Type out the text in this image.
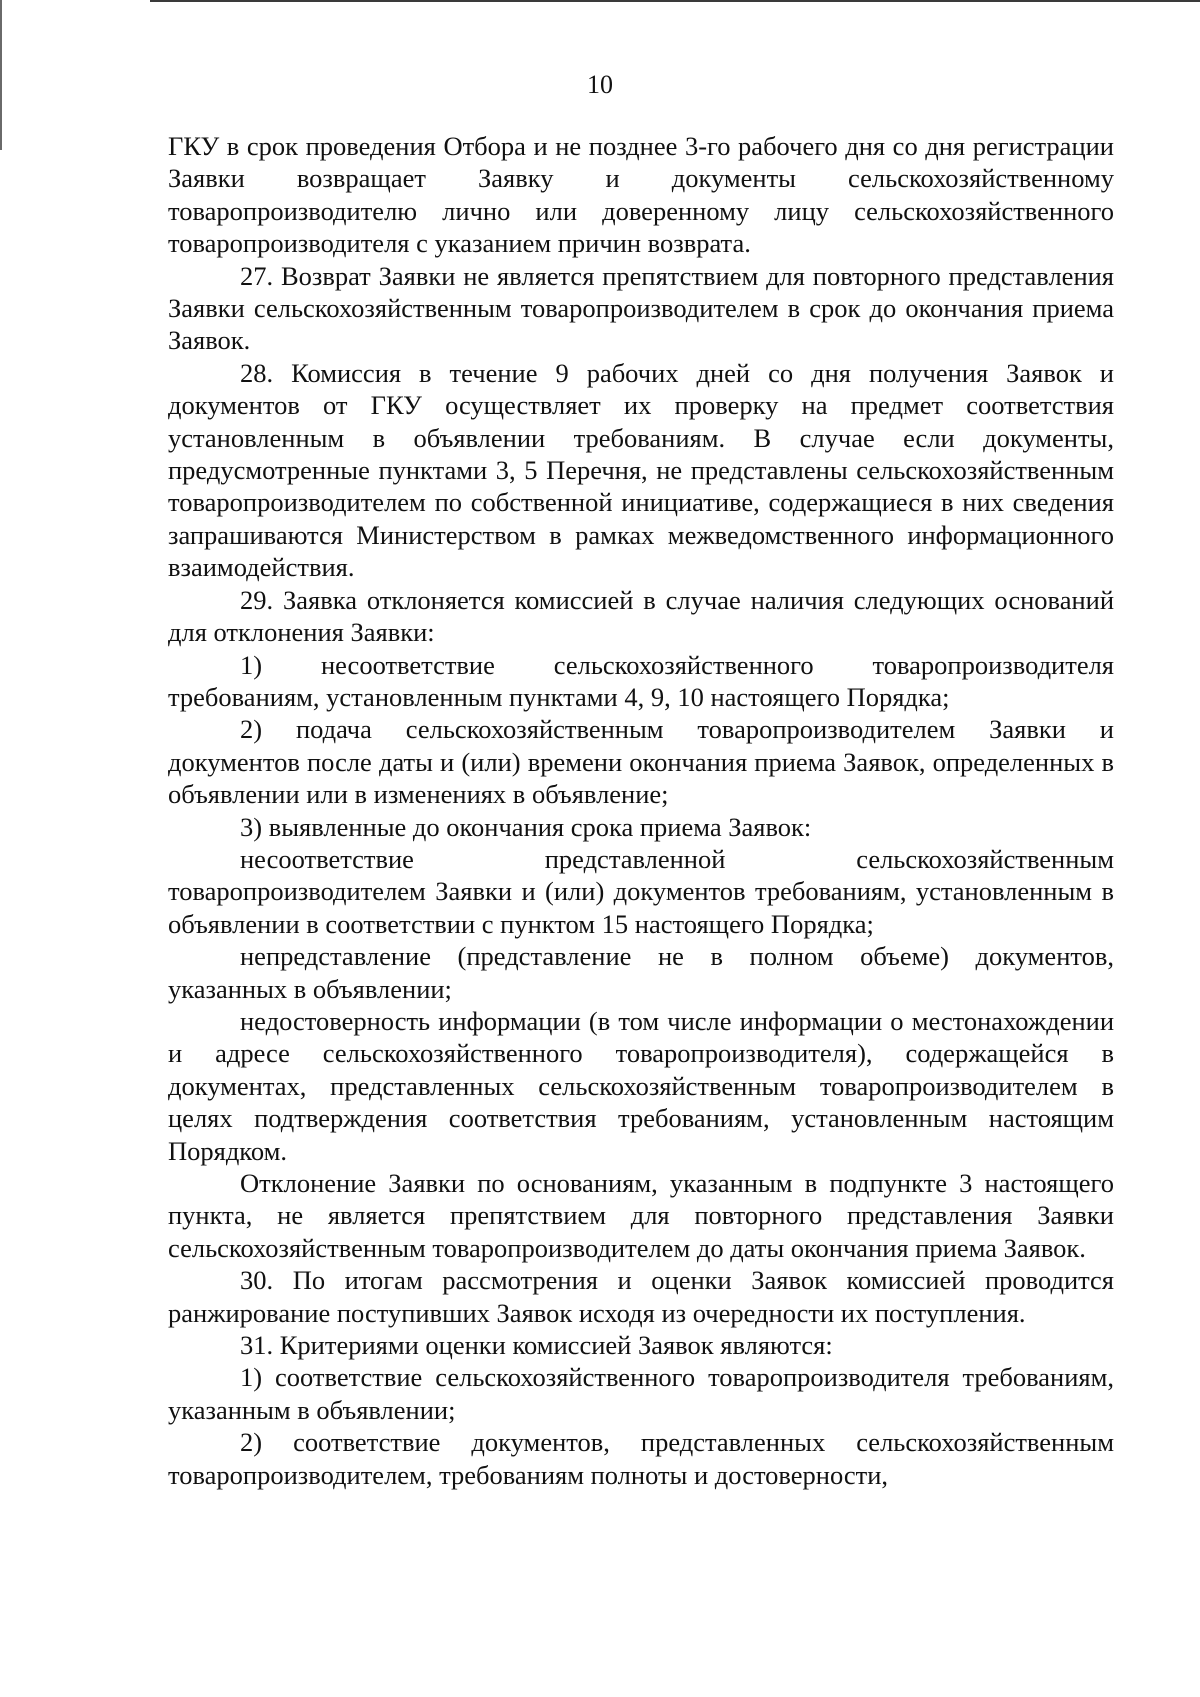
10

ГКУ в срок проведения Отбора и не позднее 3-го рабочего дня со дня регистрации Заявки возвращает Заявку и документы сельскохозяйственному товаропроизводителю лично или доверенному лицу сельскохозяйственного товаропроизводителя с указанием причин возврата.

27. Возврат Заявки не является препятствием для повторного представления Заявки сельскохозяйственным товаропроизводителем в срок до окончания приема Заявок.

28. Комиссия в течение 9 рабочих дней со дня получения Заявок и документов от ГКУ осуществляет их проверку на предмет соответствия установленным в объявлении требованиям. В случае если документы, предусмотренные пунктами 3, 5 Перечня, не представлены сельскохозяйственным товаропроизводителем по собственной инициативе, содержащиеся в них сведения запрашиваются Министерством в рамках межведомственного информационного взаимодействия.

29. Заявка отклоняется комиссией в случае наличия следующих оснований для отклонения Заявки:

1) несоответствие сельскохозяйственного товаропроизводителя требованиям, установленным пунктами 4, 9, 10 настоящего Порядка;

2) подача сельскохозяйственным товаропроизводителем Заявки и документов после даты и (или) времени окончания приема Заявок, определенных в объявлении или в изменениях в объявление;

3) выявленные до окончания срока приема Заявок:

несоответствие представленной сельскохозяйственным товаропроизводителем Заявки и (или) документов требованиям, установленным в объявлении в соответствии с пунктом 15 настоящего Порядка;

непредставление (представление не в полном объеме) документов, указанных в объявлении;

недостоверность информации (в том числе информации о местонахождении и адресе сельскохозяйственного товаропроизводителя), содержащейся в документах, представленных сельскохозяйственным товаропроизводителем в целях подтверждения соответствия требованиям, установленным настоящим Порядком.

Отклонение Заявки по основаниям, указанным в подпункте 3 настоящего пункта, не является препятствием для повторного представления Заявки сельскохозяйственным товаропроизводителем до даты окончания приема Заявок.

30. По итогам рассмотрения и оценки Заявок комиссией проводится ранжирование поступивших Заявок исходя из очередности их поступления.

31. Критериями оценки комиссией Заявок являются:

1) соответствие сельскохозяйственного товаропроизводителя требованиям, указанным в объявлении;

2) соответствие документов, представленных сельскохозяйственным товаропроизводителем, требованиям полноты и достоверности,
